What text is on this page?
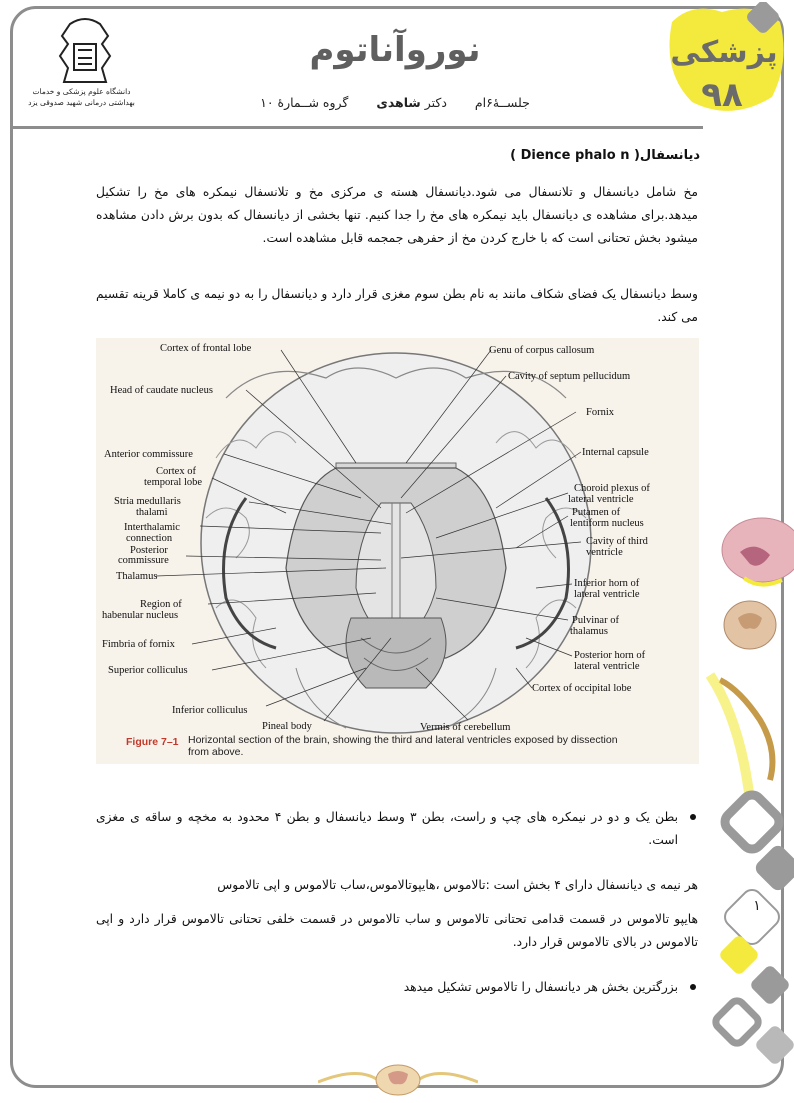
دانشگاه علوم پزشکی و خدمات بهداشتی درمانی شهید صدوقی یزد
نوروآناتوم
جلســهٔ۶ام
دکتر شاهدی
گروه شــمارهٔ ۱۰
پزشکی
۹۸
دیانسفال( Dience phalo n )
مخ شامل دیانسفال و تلانسفال می شود.دیانسفال هسته ی مرکزی مخ و تلانسفال نیمکره های مخ را تشکیل میدهد.برای مشاهده ی دیانسفال باید نیمکره های مخ را جدا کنیم. تنها بخشی از دیانسفال که بدون برش دادن مشاهده میشود بخش تحتانی است که با خارج کردن مخ از حفرهی جمجمه قابل مشاهده است.
وسط دیانسفال یک فضای شکاف مانند به نام بطن سوم مغزی قرار دارد و دیانسفال را به دو نیمه ی کاملا قرینه تقسیم می کند.
Cortex of frontal lobe
Head of caudate nucleus
Anterior commissure
Cortex of
temporal lobe
Stria medullaris
thalami
Interthalamic
connection
Posterior
commissure
Thalamus
Region of
habenular nucleus
Fimbria of fornix
Superior colliculus
Inferior colliculus
Pineal body
Genu of corpus callosum
Cavity of septum pellucidum
Fornix
Internal capsule
Choroid plexus of
lateral ventricle
Putamen of
lentiform nucleus
Cavity of third
ventricle
Inferior horn of
lateral ventricle
Pulvinar of
thalamus
Posterior horn of
lateral ventricle
Cortex of occipital lobe
Vermis of cerebellum
Figure 7–1 Horizontal section of the brain, showing the third and lateral ventricles exposed by dissection from above.
بطن یک و دو در نیمکره های چپ و راست، بطن ۳ وسط دیانسفال و بطن ۴ محدود به مخچه و ساقه ی مغزی است.
هر نیمه ی دیانسفال دارای ۴ بخش است :تالاموس ،هایپوتالاموس،ساب تالاموس و اپی تالاموس
هایپو تالاموس در قسمت قدامی تحتانی تالاموس و ساب تالاموس در قسمت خلفی تحتانی تالاموس قرار دارد و اپی تالاموس در بالای تالاموس قرار دارد.
بزرگترین بخش هر دیانسفال را تالاموس تشکیل میدهد
۱
